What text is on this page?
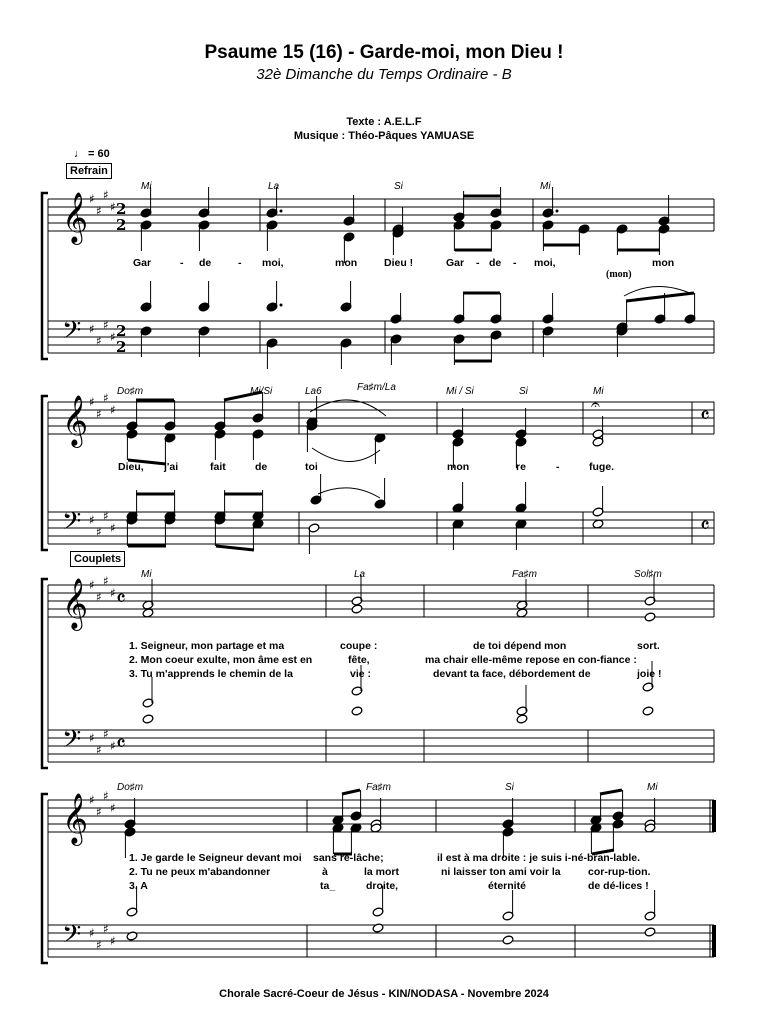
Psaume 15 (16) - Garde-moi, mon Dieu !
32è Dimanche du Temps Ordinaire - B
Texte : A.E.L.F
Musique : Théo-Pâques YAMUASE
♩ = 60
Refrain
Couplets
𝄞
𝄢
♯
♯
♯
♯
♯
♯
♯
♯
2
2
2
2
𝄞
𝄢
♯
♯
♯
♯
♯
♯
♯
♯
𝄞
𝄢
♯
♯
♯
♯
♯
♯
♯
♯
𝄴
𝄴
𝄞
𝄢
♯
♯
♯
♯
♯
♯
♯
♯
𝄴
𝄴
𝄐
Mi	La	Si	Mi
Gar	- de	- moi,	mon	Dieu !	Gar - de - moi,	mon
(mon)
Do♯m	Mi/Si	La6	Fa♯m/La	Mi / Si	Si	Mi
Dieu, j'ai	fait	de	toi	mon	re	-	fuge.
Mi	La	Fa♯m	Sol♯m
1. Seigneur, mon partage et ma	coupe :	de toi dépend mon	sort.
2. Mon coeur exulte, mon âme est en	fête,	ma chair elle-même repose en con-fiance :
3. Tu m'apprends le chemin de la	vie :	devant ta face, débordement de	joie !
Do♯m	Fa♯m	Si	Mi
1. Je garde le Seigneur devant moi sans re-lâche;	il est à ma droite : je suis i-né-bran-lable.
2. Tu ne peux m'abandonner	à	la mort	ni laisser ton ami voir la	cor-rup-tion.
3. A	ta_	droite,	éternité	de dé-lices !
Chorale Sacré-Coeur de Jésus - KIN/NODASA - Novembre 2024
